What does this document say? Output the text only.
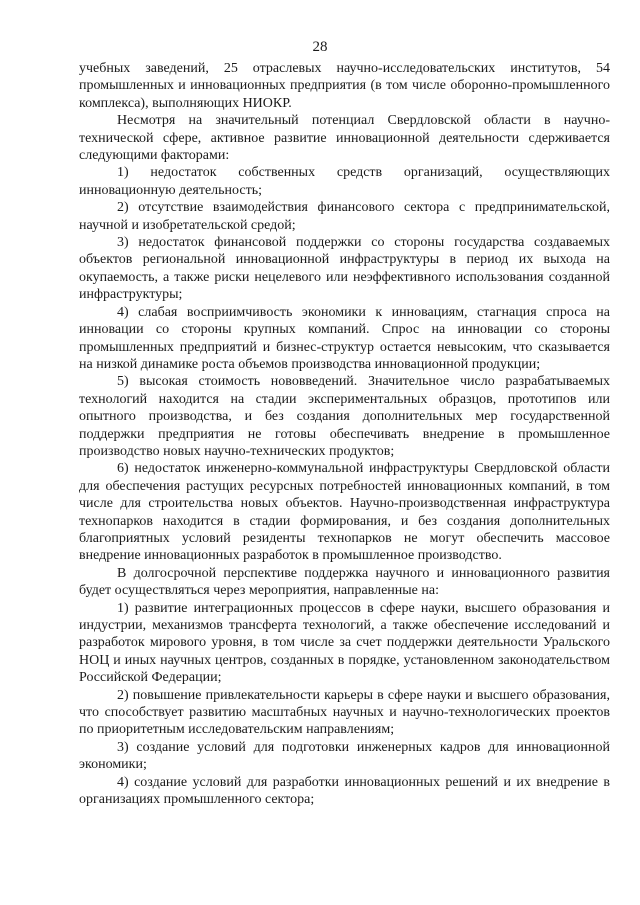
28

учебных заведений, 25 отраслевых научно-исследовательских институтов, 54 промышленных и инновационных предприятия (в том числе оборонно-промышленного комплекса), выполняющих НИОКР.

Несмотря на значительный потенциал Свердловской области в научно-технической сфере, активное развитие инновационной деятельности сдерживается следующими факторами:

1) недостаток собственных средств организаций, осуществляющих инновационную деятельность;

2) отсутствие взаимодействия финансового сектора с предпринимательской, научной и изобретательской средой;

3) недостаток финансовой поддержки со стороны государства создаваемых объектов региональной инновационной инфраструктуры в период их выхода на окупаемость, а также риски нецелевого или неэффективного использования созданной инфраструктуры;

4) слабая восприимчивость экономики к инновациям, стагнация спроса на инновации со стороны крупных компаний. Спрос на инновации со стороны промышленных предприятий и бизнес-структур остается невысоким, что сказывается на низкой динамике роста объемов производства инновационной продукции;

5) высокая стоимость нововведений. Значительное число разрабатываемых технологий находится на стадии экспериментальных образцов, прототипов или опытного производства, и без создания дополнительных мер государственной поддержки предприятия не готовы обеспечивать внедрение в промышленное производство новых научно-технических продуктов;

6) недостаток инженерно-коммунальной инфраструктуры Свердловской области для обеспечения растущих ресурсных потребностей инновационных компаний, в том числе для строительства новых объектов. Научно-производственная инфраструктура технопарков находится в стадии формирования, и без создания дополнительных благоприятных условий резиденты технопарков не могут обеспечить массовое внедрение инновационных разработок в промышленное производство.

В долгосрочной перспективе поддержка научного и инновационного развития будет осуществляться через мероприятия, направленные на:

1) развитие интеграционных процессов в сфере науки, высшего образования и индустрии, механизмов трансферта технологий, а также обеспечение исследований и разработок мирового уровня, в том числе за счет поддержки деятельности Уральского НОЦ и иных научных центров, созданных в порядке, установленном законодательством Российской Федерации;

2) повышение привлекательности карьеры в сфере науки и высшего образования, что способствует развитию масштабных научных и научно-технологических проектов по приоритетным исследовательским направлениям;

3) создание условий для подготовки инженерных кадров для инновационной экономики;

4) создание условий для разработки инновационных решений и их внедрение в организациях промышленного сектора;
